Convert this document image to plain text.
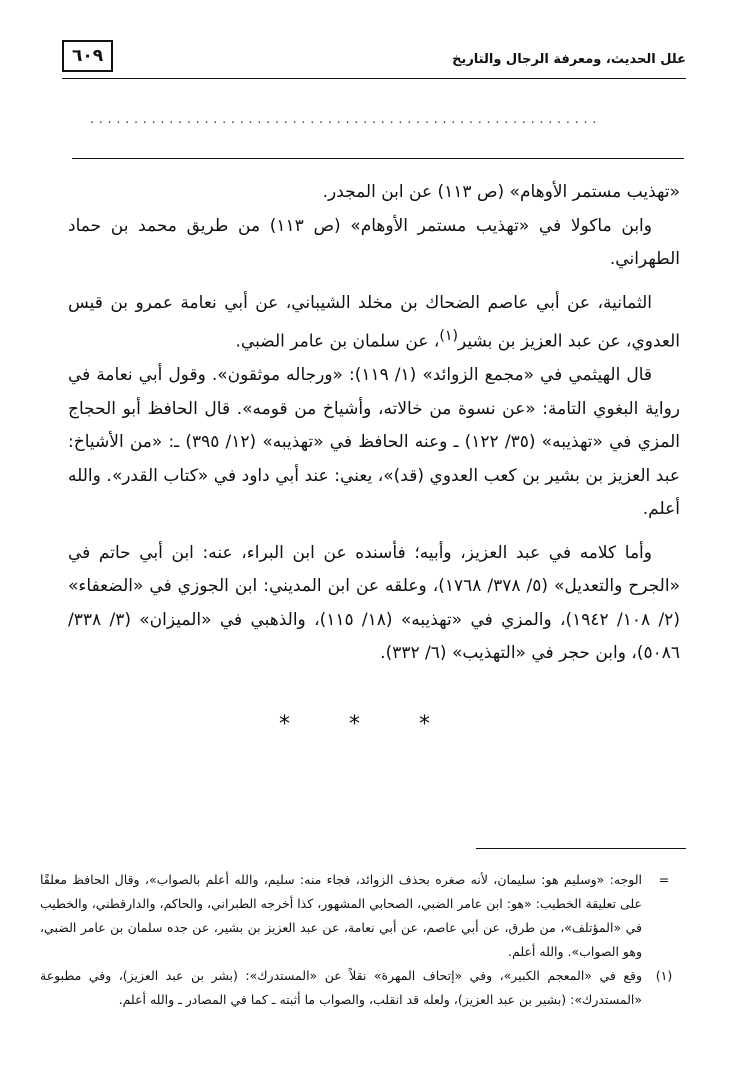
٦٠٩	علل الحديث، ومعرفة الرجال والتاريخ
..........................................................

«تهذيب مستمر الأوهام» (ص ١١٣) عن ابن المجدر.

وابن ماكولا في «تهذيب مستمر الأوهام» (ص ١١٣) من طريق محمد بن حماد الطهراني.

الثمانية، عن أبي عاصم الضحاك بن مخلد الشيباني، عن أبي نعامة عمرو بن قيس العدوي، عن عبد العزيز بن بشير$^{(١)}$، عن سلمان بن عامر الضبي.

قال الهيثمي في «مجمع الزوائد» (١/ ١١٩): «ورجاله موثقون». وقول أبي نعامة في رواية البغوي التامة: «عن نسوة من خالاته، وأشياخ من قومه». قال الحافظ أبو الحجاج المزي في «تهذيبه» (٣٥/ ١٢٢) ـ وعنه الحافظ في «تهذيبه» (١٢/ ٣٩٥) ـ: «من الأشياخ: عبد العزيز بن بشير بن كعب العدوي (قد)»، يعني: عند أبي داود في «كتاب القدر». والله أعلم.

وأما كلامه في عبد العزيز، وأبيه؛ فأسنده عن ابن البراء، عنه: ابن أبي حاتم في «الجرح والتعديل» (٥/ ٣٧٨/ ١٧٦٨)، وعلقه عن ابن المديني: ابن الجوزي في «الضعفاء» (٢/ ١٠٨/ ١٩٤٢)، والمزي في «تهذيبه» (١٨/ ١١٥)، والذهبي في «الميزان» (٣/ ٣٣٨/ ٥٠٨٦)، وابن حجر في «التهذيب» (٦/ ٣٣٢).

* * *
=
الوجه: «وسليم هو: سليمان، لأنه صغره بحذف الزوائد، فجاء منه: سليم، والله أعلم بالصواب»، وقال الحافظ معلقًا على تعليقة الخطيب: «هو: ابن عامر الضبي، الصحابي المشهور، كذا أخرجه الطبراني، والحاكم، والدارقطني، والخطيب في «المؤتلف»، من طرق، عن أبي عاصم، عن أبي نعامة، عن عبد العزيز بن بشير، عن جده سلمان بن عامر الضبي، وهو الصواب». والله أعلم.
(١)
وقع في «المعجم الكبير»، وفي «إتحاف المهرة» نقلاً عن «المستدرك»: (بشر بن عبد العزيز)، وفي مطبوعة «المستدرك»: (بشير بن عبد العزيز)، ولعله قد انقلب، والصواب ما أثبته ـ كما في المصادر ـ والله أعلم.
